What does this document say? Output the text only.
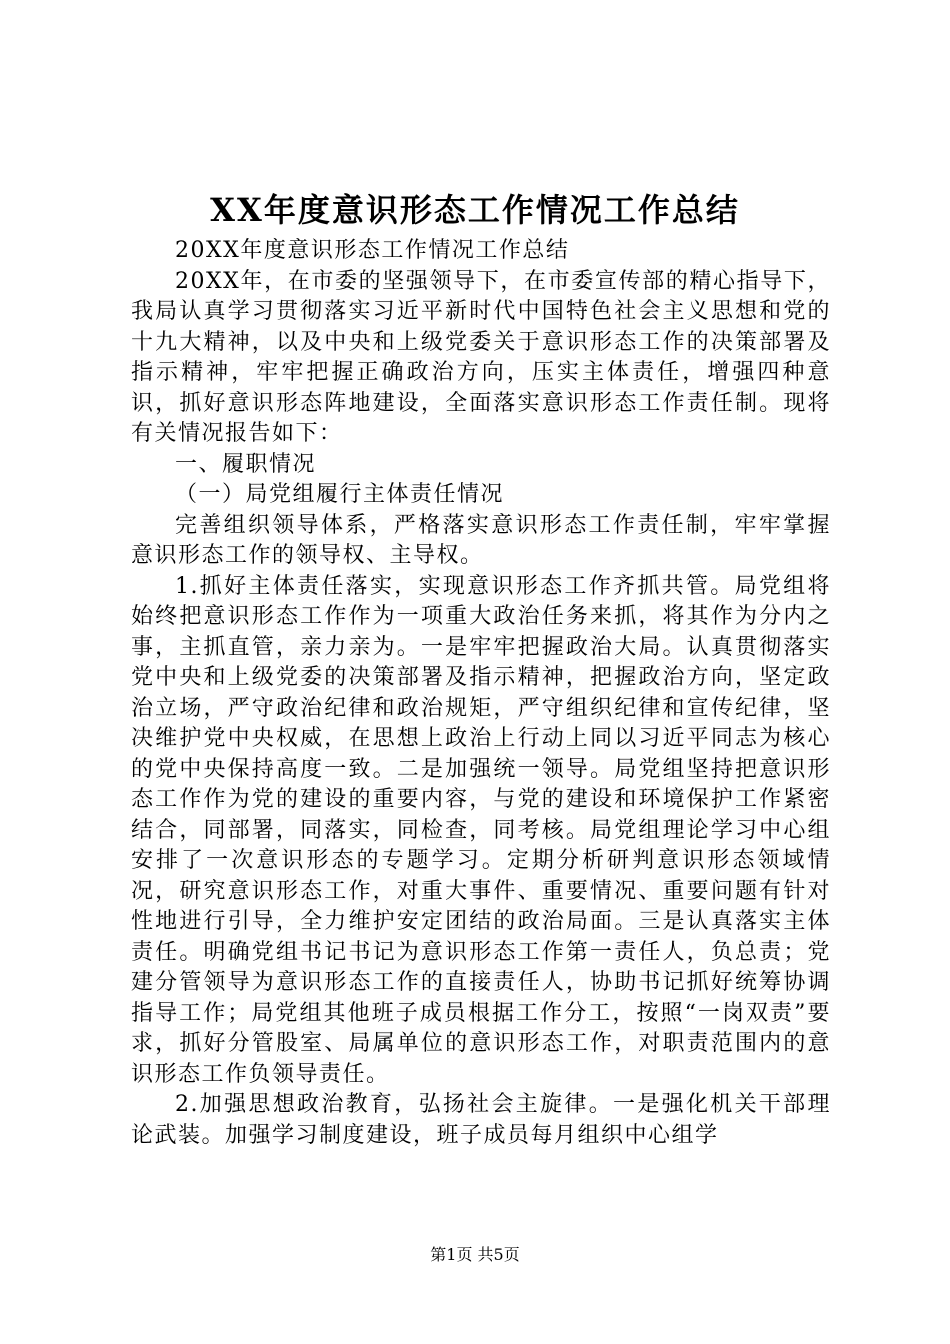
XX年度意识形态工作情况工作总结

20XX年度意识形态工作情况工作总结

20XX年，在市委的坚强领导下，在市委宣传部的精心指导下，我局认真学习贯彻落实习近平新时代中国特色社会主义思想和党的十九大精神，以及中央和上级党委关于意识形态工作的决策部署及指示精神，牢牢把握正确政治方向，压实主体责任，增强四种意识，抓好意识形态阵地建设，全面落实意识形态工作责任制。现将有关情况报告如下：

一、履职情况

（一）局党组履行主体责任情况

完善组织领导体系，严格落实意识形态工作责任制，牢牢掌握意识形态工作的领导权、主导权。

1.抓好主体责任落实，实现意识形态工作齐抓共管。局党组将始终把意识形态工作作为一项重大政治任务来抓，将其作为分内之事，主抓直管，亲力亲为。一是牢牢把握政治大局。认真贯彻落实党中央和上级党委的决策部署及指示精神，把握政治方向，坚定政治立场，严守政治纪律和政治规矩，严守组织纪律和宣传纪律，坚决维护党中央权威，在思想上政治上行动上同以习近平同志为核心的党中央保持高度一致。二是加强统一领导。局党组坚持把意识形态工作作为党的建设的重要内容，与党的建设和环境保护工作紧密结合，同部署，同落实，同检查，同考核。局党组理论学习中心组安排了一次意识形态的专题学习。定期分析研判意识形态领域情况，研究意识形态工作，对重大事件、重要情况、重要问题有针对性地进行引导，全力维护安定团结的政治局面。三是认真落实主体责任。明确党组书记书记为意识形态工作第一责任人，负总责；党建分管领导为意识形态工作的直接责任人，协助书记抓好统筹协调指导工作；局党组其他班子成员根据工作分工，按照“一岗双责”要求，抓好分管股室、局属单位的意识形态工作，对职责范围内的意识形态工作负领导责任。

2.加强思想政治教育，弘扬社会主旋律。一是强化机关干部理论武装。加强学习制度建设，班子成员每月组织中心组学

第1页 共5页
